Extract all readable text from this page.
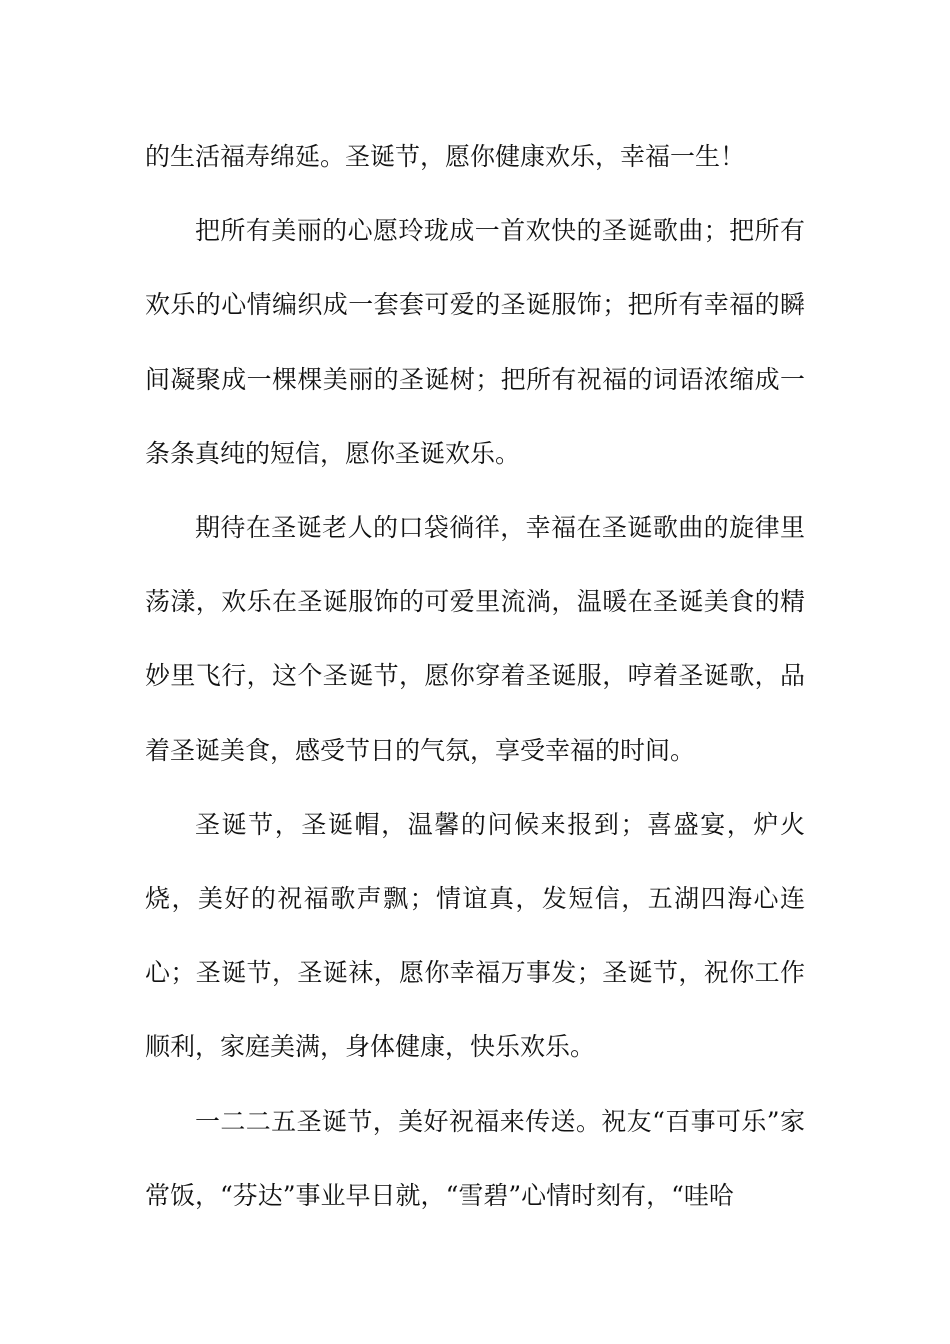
的生活福寿绵延。圣诞节，愿你健康欢乐，幸福一生！

把所有美丽的心愿玲珑成一首欢快的圣诞歌曲；把所有欢乐的心情编织成一套套可爱的圣诞服饰；把所有幸福的瞬间凝聚成一棵棵美丽的圣诞树；把所有祝福的词语浓缩成一条条真纯的短信，愿你圣诞欢乐。

期待在圣诞老人的口袋徜徉，幸福在圣诞歌曲的旋律里荡漾，欢乐在圣诞服饰的可爱里流淌，温暖在圣诞美食的精妙里飞行，这个圣诞节，愿你穿着圣诞服，哼着圣诞歌，品着圣诞美食，感受节日的气氛，享受幸福的时间。

圣诞节，圣诞帽，温馨的问候来报到；喜盛宴，炉火烧，美好的祝福歌声飘；情谊真，发短信，五湖四海心连心；圣诞节，圣诞袜，愿你幸福万事发；圣诞节，祝你工作顺利，家庭美满，身体健康，快乐欢乐。

一二二五圣诞节，美好祝福来传送。祝友“百事可乐”家常饭，“芬达”事业早日就，“雪碧”心情时刻有，“哇哈
